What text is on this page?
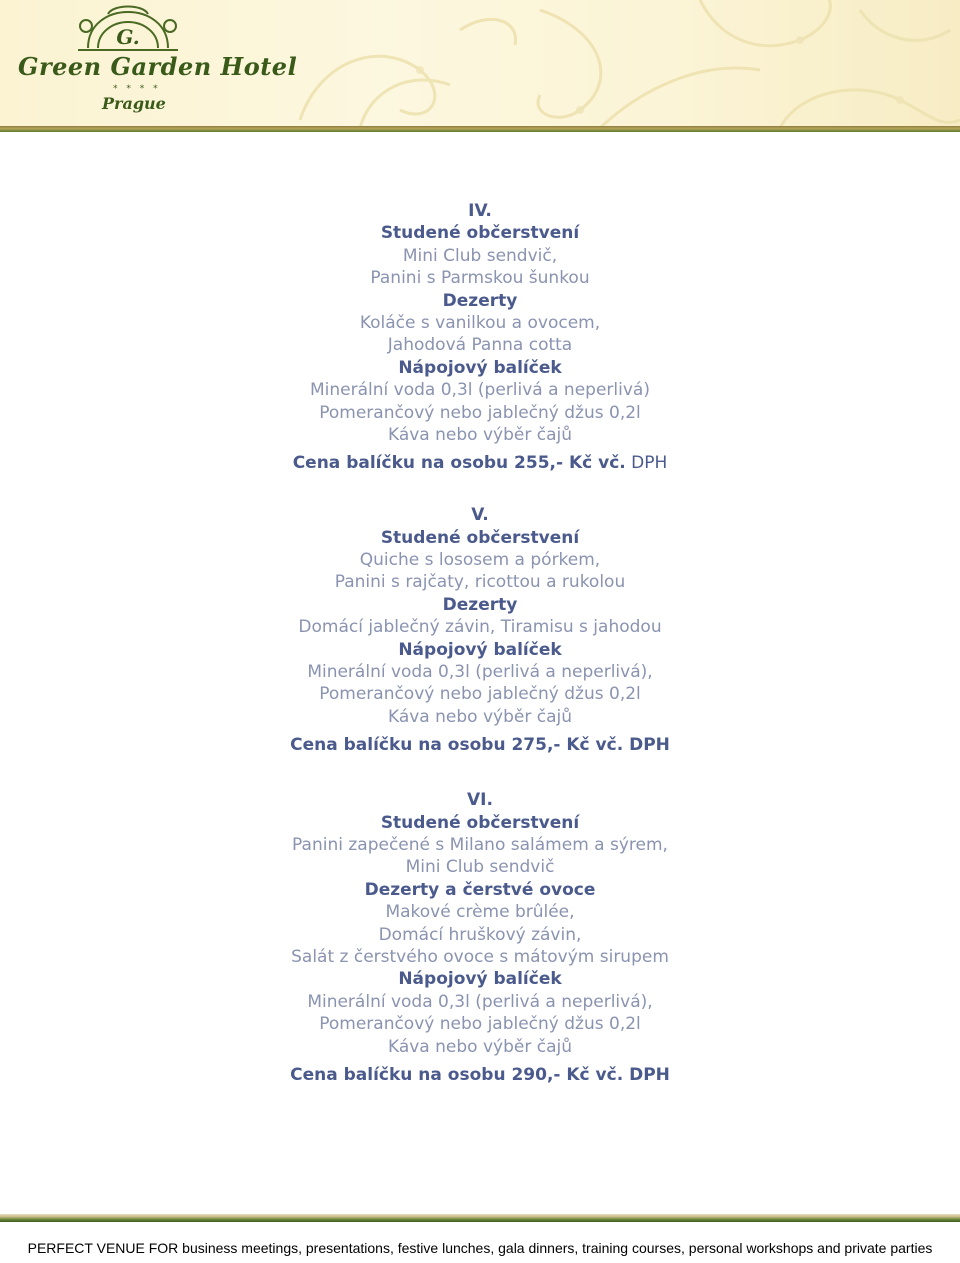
G.
Green Garden Hotel
* * * *
Prague
IV.
Studené občerstvení
Mini Club sendvič,
Panini s Parmskou šunkou
Dezerty
Koláče s vanilkou a ovocem,
Jahodová Panna cotta
Nápojový balíček
Minerální voda 0,3l (perlivá a neperlivá)
Pomerančový nebo jablečný džus 0,2l
Káva nebo výběr čajů
Cena balíčku na osobu 255,- Kč vč. DPH
V.
Studené občerstvení
Quiche s lososem a pórkem,
Panini s rajčaty, ricottou a rukolou
Dezerty
Domácí jablečný závin, Tiramisu s jahodou
Nápojový balíček
Minerální voda 0,3l (perlivá a neperlivá),
Pomerančový nebo jablečný džus 0,2l
Káva nebo výběr čajů
Cena balíčku na osobu 275,- Kč vč. DPH
VI.
Studené občerstvení
Panini zapečené s Milano salámem a sýrem,
Mini Club sendvič
Dezerty a čerstvé ovoce
Makové crème brûlée,
Domácí hruškový závin,
Salát z čerstvého ovoce s mátovým sirupem
Nápojový balíček
Minerální voda 0,3l (perlivá a neperlivá),
Pomerančový nebo jablečný džus 0,2l
Káva nebo výběr čajů
Cena balíčku na osobu 290,- Kč vč. DPH
PERFECT VENUE FOR business meetings, presentations, festive lunches, gala dinners, training courses, personal workshops and private parties
